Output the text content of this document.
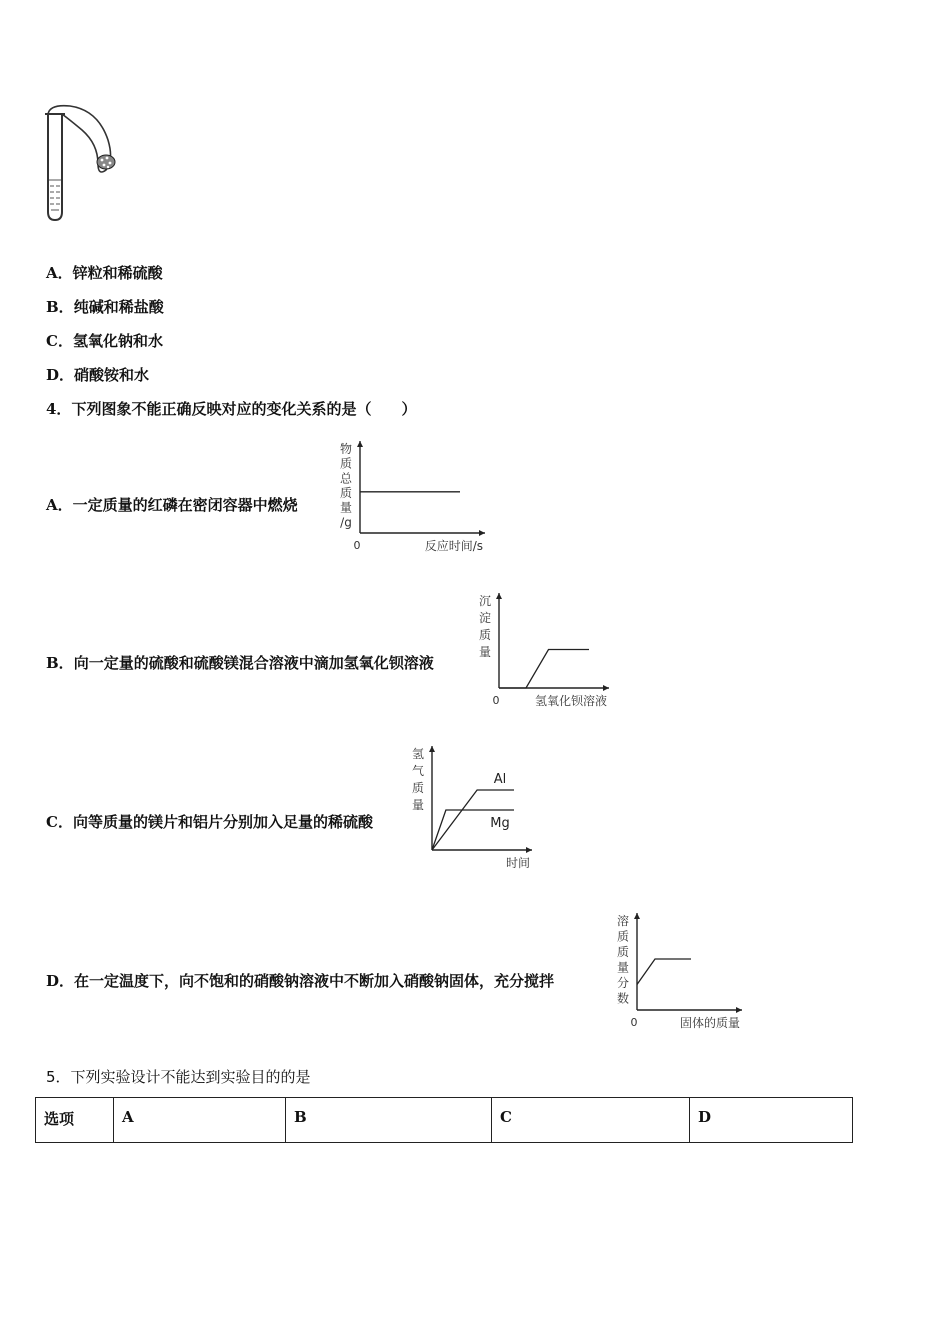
A．锌粒和稀硫酸
B．纯碱和稀盐酸
C．氢氧化钠和水
D．硝酸铵和水
4．下列图象不能正确反映对应的变化关系的是（　　）
A．一定质量的红磷在密闭容器中燃烧
物
质
总
质
量
/g
0	反应时间/s
B．向一定量的硫酸和硫酸镁混合溶液中滴加氢氧化钡溶液
沉
淀
质
量
0	氢氧化钡溶液
C．向等质量的镁片和铝片分别加入足量的稀硫酸
氢
气
质
量
时间
Al
Mg
D．在一定温度下，向不饱和的硝酸钠溶液中不断加入硝酸钠固体，充分搅拌
溶
质
质
量
分
数
0	固体的质量
5．下列实验设计不能达到实验目的的是
选项	A	B	C	D
